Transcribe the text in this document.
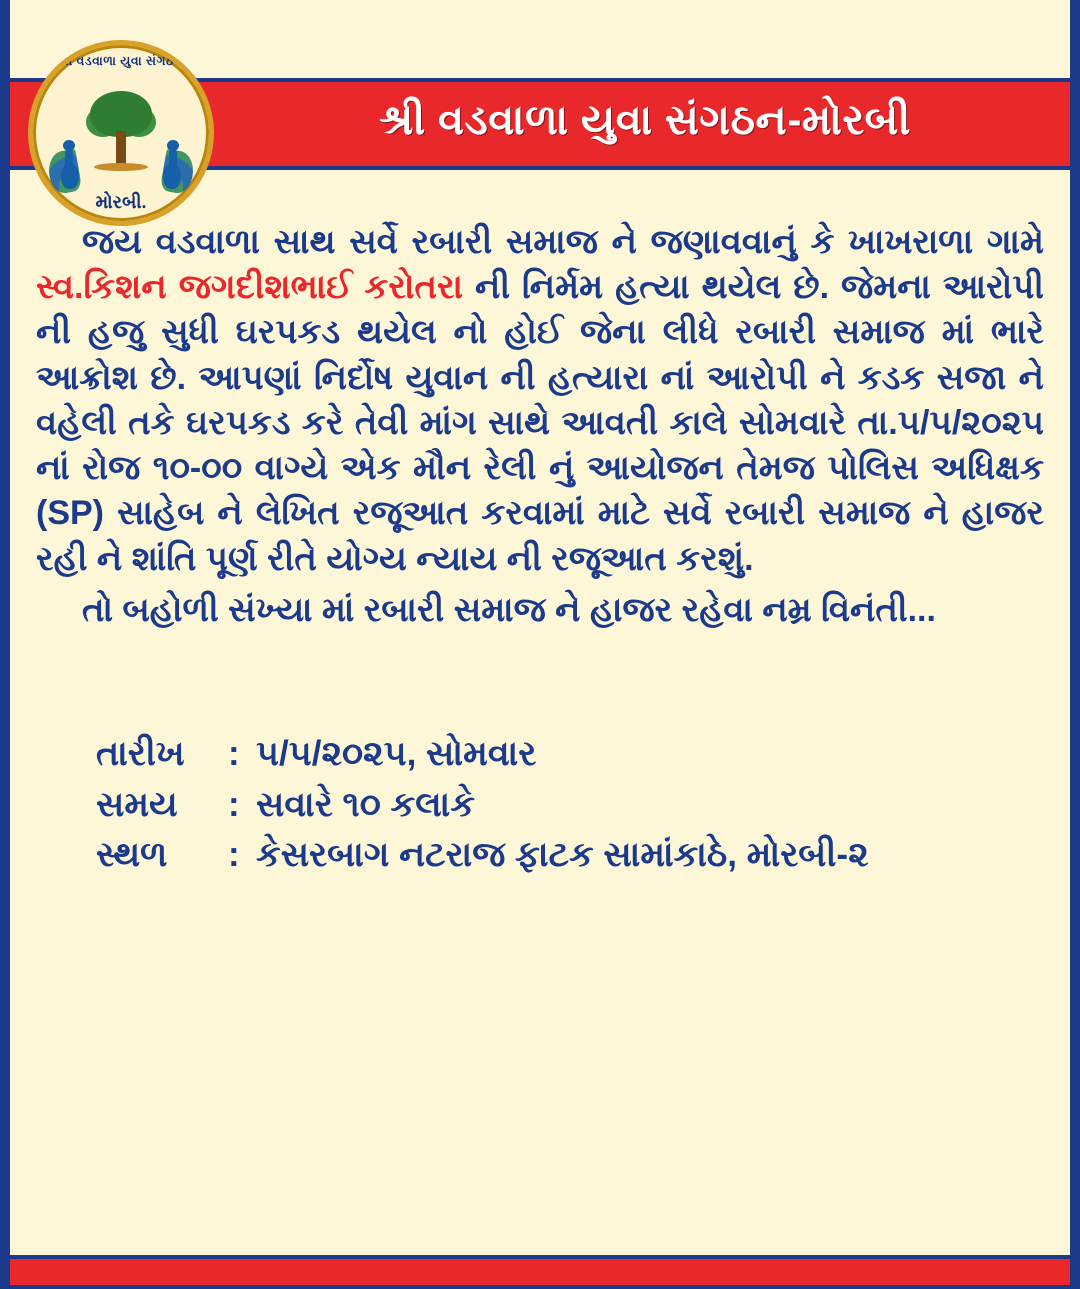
શ્રી વડવાળા યુવા સંગઠન
મોરબી.
શ્રી વડવાળા યુવા સંગઠન-મોરબી

જય વડવાળા સાથ સર્વે રબારી સમાજ ને જણાવવાનું કે ખાખરાળા ગામે સ્વ.કિશન જગદીશભાઈ કરોતરા ની નિર્મમ હત્યા થયેલ છે. જેમના આરોપી ની હજુ સુધી ઘરપકડ થયેલ નો હોઈ જેના લીધે રબારી સમાજ માં ભારે આક્રોશ છે. આપણાં નિર્દોષ યુવાન ની હત્યારા નાં આરોપી ને કડક સજા ને વહેલી તકે ઘરપકડ કરે તેવી માંગ સાથે આવતી કાલે સોમવારે તા.૫/૫/૨૦૨૫ નાં રોજ ૧૦-૦૦ વાગ્યે એક મૌન રેલી નું આયોજન તેમજ પોલિસ અધિક્ષક (SP) સાહેબ ને લેખિત રજૂઆત કરવામાં માટે સર્વે રબારી સમાજ ને હાજર રહી ને શાંતિ પૂર્ણ રીતે યોગ્ય ન્યાય ની રજૂઆત કરશું.

તો બહોળી સંખ્યા માં રબારી સમાજ ને હાજર રહેવા નમ્ર વિનંતી...

તારીખ	: ૫/૫/૨૦૨૫, સોમવાર
સમય	: સવારે ૧૦ કલાકે
સ્થળ	: કેસરબાગ નટરાજ ફાટક સામાંકાઠે, મોરબી-૨
